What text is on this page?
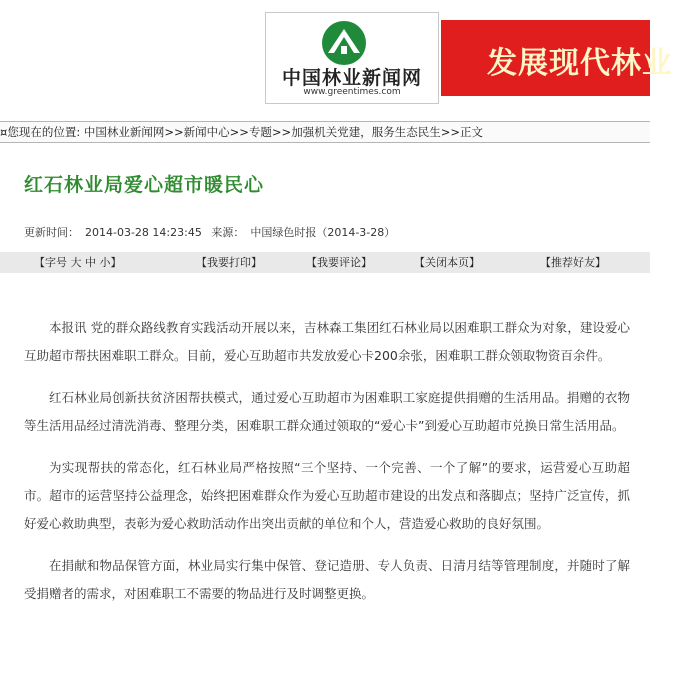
中国林业新闻网
www.greentimes.com
发展现代林业
¤您现在的位置: 中国林业新闻网>>新闻中心>>专题>>加强机关党建，服务生态民生>>正文
红石林业局爱心超市暖民心
更新时间： 2014-03-28 14:23:45 来源： 中国绿色时报（2014-3-28）
【字号 大 中 小】	【我要打印】	【我要评论】	【关闭本页】	【推荐好友】

本报讯 党的群众路线教育实践活动开展以来，吉林森工集团红石林业局以困难职工群众为对象，建设爱心互助超市帮扶困难职工群众。目前，爱心互助超市共发放爱心卡200余张，困难职工群众领取物资百余件。

红石林业局创新扶贫济困帮扶模式，通过爱心互助超市为困难职工家庭提供捐赠的生活用品。捐赠的衣物等生活用品经过清洗消毒、整理分类，困难职工群众通过领取的“爱心卡”到爱心互助超市兑换日常生活用品。

为实现帮扶的常态化，红石林业局严格按照“三个坚持、一个完善、一个了解”的要求，运营爱心互助超市。超市的运营坚持公益理念，始终把困难群众作为爱心互助超市建设的出发点和落脚点；坚持广泛宣传，抓好爱心救助典型，表彰为爱心救助活动作出突出贡献的单位和个人，营造爱心救助的良好氛围。

在捐献和物品保管方面，林业局实行集中保管、登记造册、专人负责、日清月结等管理制度，并随时了解受捐赠者的需求，对困难职工不需要的物品进行及时调整更换。
